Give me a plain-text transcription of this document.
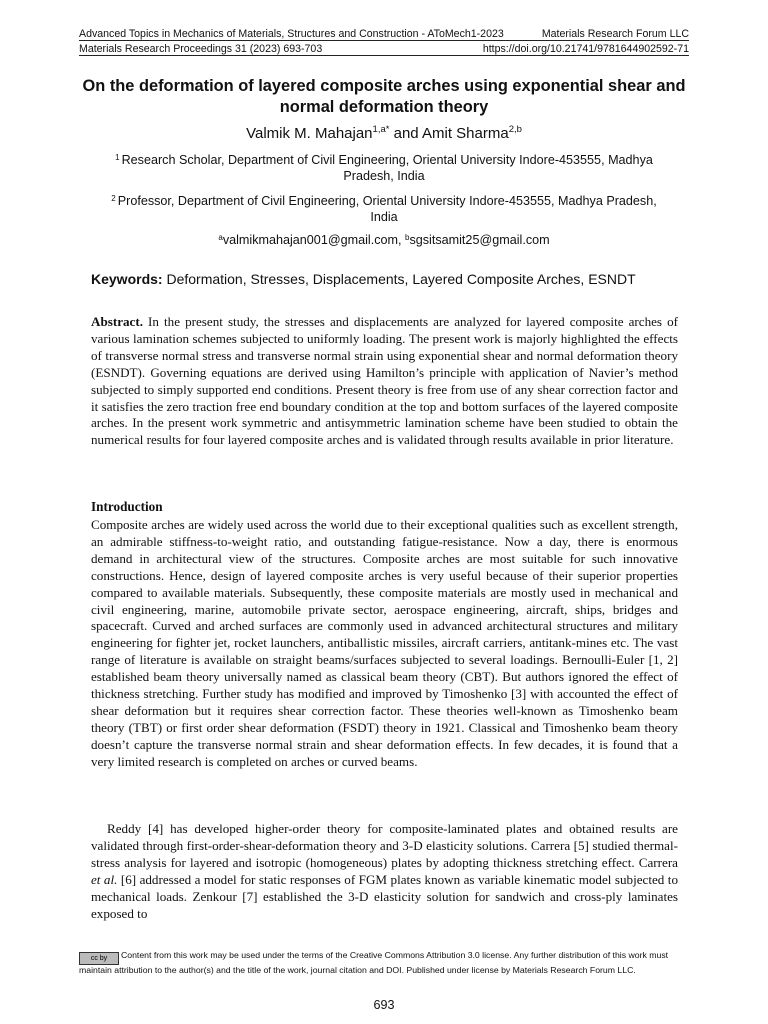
Advanced Topics in Mechanics of Materials, Structures and Construction - AToMech1-2023	Materials Research Forum LLC
Materials Research Proceedings 31 (2023) 693-703	https://doi.org/10.21741/9781644902592-71
On the deformation of layered composite arches using exponential shear and normal deformation theory
Valmik M. Mahajan$^{1,a*}$ and Amit Sharma$^{2,b}$
$^1$ Research Scholar, Department of Civil Engineering, Oriental University Indore-453555, Madhya Pradesh, India
$^2$ Professor, Department of Civil Engineering, Oriental University Indore-453555, Madhya Pradesh, India
$^a$valmikmahajan001@gmail.com, $^b$sgsitsamit25@gmail.com
Keywords: Deformation, Stresses, Displacements, Layered Composite Arches, ESNDT
Abstract. In the present study, the stresses and displacements are analyzed for layered composite arches of various lamination schemes subjected to uniformly loading. The present work is majorly highlighted the effects of transverse normal stress and transverse normal strain using exponential shear and normal deformation theory (ESNDT). Governing equations are derived using Hamilton’s principle with application of Navier’s method subjected to simply supported end conditions. Present theory is free from use of any shear correction factor and it satisfies the zero traction free end boundary condition at the top and bottom surfaces of the layered composite arches. In the present work symmetric and antisymmetric lamination scheme have been studied to obtain the numerical results for four layered composite arches and is validated through results available in prior literature.
Introduction

Composite arches are widely used across the world due to their exceptional qualities such as excellent strength, an admirable stiffness-to-weight ratio, and outstanding fatigue-resistance. Now a day, there is enormous demand in architectural view of the structures. Composite arches are most suitable for such innovative constructions. Hence, design of layered composite arches is very useful because of their superior properties compared to available materials. Subsequently, these composite materials are mostly used in mechanical and civil engineering, marine, automobile private sector, aerospace engineering, aircraft, ships, bridges and spacecraft. Curved and arched surfaces are commonly used in advanced architectural structures and military engineering for fighter jet, rocket launchers, antiballistic missiles, aircraft carriers, antitank-mines etc. The vast range of literature is available on straight beams/surfaces subjected to several loadings. Bernoulli-Euler [1, 2] established beam theory universally named as classical beam theory (CBT). But authors ignored the effect of thickness stretching. Further study has modified and improved by Timoshenko [3] with accounted the effect of shear deformation but it requires shear correction factor. These theories well-known as Timoshenko beam theory (TBT) or first order shear deformation (FSDT) theory in 1921. Classical and Timoshenko beam theory doesn’t capture the transverse normal strain and shear deformation effects. In few decades, it is found that a very limited research is completed on arches or curved beams.

Reddy [4] has developed higher-order theory for composite-laminated plates and obtained results are validated through first-order-shear-deformation theory and 3-D elasticity solutions. Carrera [5] studied thermal-stress analysis for layered and isotropic (homogeneous) plates by adopting thickness stretching effect. Carrera et al. [6] addressed a model for static responses of FGM plates known as variable kinematic model subjected to mechanical loads. Zenkour [7] established the 3-D elasticity solution for sandwich and cross-ply laminates exposed to

cc by Content from this work may be used under the terms of the Creative Commons Attribution 3.0 license. Any further distribution of this work must maintain attribution to the author(s) and the title of the work, journal citation and DOI. Published under license by Materials Research Forum LLC.
693
